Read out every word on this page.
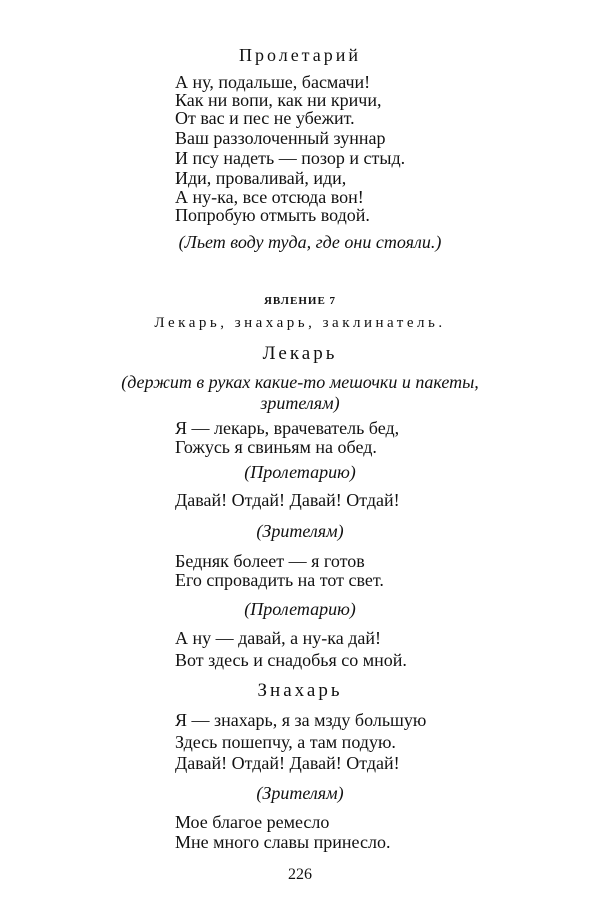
Пролетарий
А ну, подальше, басмачи!
Как ни вопи, как ни кричи,
От вас и пес не убежит.
Ваш раззолоченный зуннар
И псу надеть — позор и стыд.
Иди, проваливай, иди,
А ну-ка, все отсюда вон!
Попробую отмыть водой.
(Льет воду туда, где они стояли.)
ЯВЛЕНИЕ 7
Лекарь, знахарь, заклинатель.
Лекарь
(держит в руках какие-то мешочки и пакеты,
зрителям)
Я — лекарь, врачеватель бед,
Гожусь я свиньям на обед.
(Пролетарию)
Давай! Отдай! Давай! Отдай!
(Зрителям)
Бедняк болеет — я готов
Его спровадить на тот свет.
(Пролетарию)
А ну — давай, а ну-ка дай!
Вот здесь и снадобья со мной.
Знахарь
Я — знахарь, я за мзду большую
Здесь пошепчу, а там подую.
Давай! Отдай! Давай! Отдай!
(Зрителям)
Мое благое ремесло
Мне много славы принесло.
226
